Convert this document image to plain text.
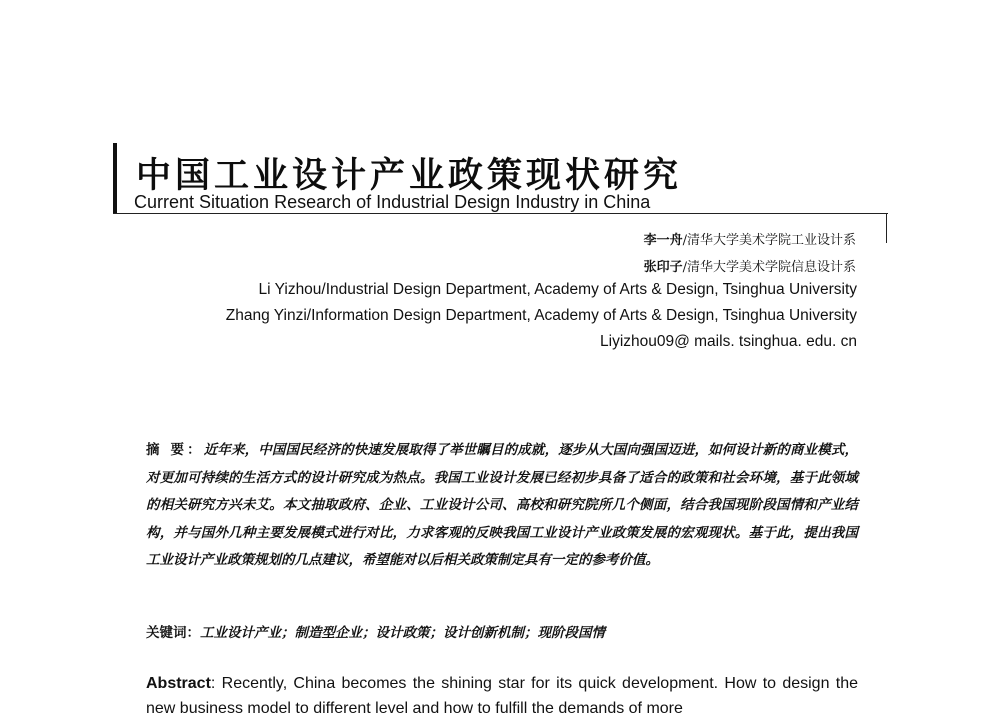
中国工业设计产业政策现状研究
Current Situation Research of Industrial Design Industry in China
李一舟/清华大学美术学院工业设计系
张印子/清华大学美术学院信息设计系
Li Yizhou/Industrial Design Department, Academy of Arts & Design, Tsinghua University
Zhang Yinzi/Information Design Department, Academy of Arts & Design, Tsinghua University
Liyizhou09@ mails. tsinghua. edu. cn
摘 要：近年来，中国国民经济的快速发展取得了举世瞩目的成就，逐步从大国向强国迈进，如何设计新的商业模式，对更加可持续的生活方式的设计研究成为热点。我国工业设计发展已经初步具备了适合的政策和社会环境，基于此领域的相关研究方兴未艾。本文抽取政府、企业、工业设计公司、高校和研究院所几个侧面，结合我国现阶段国情和产业结构，并与国外几种主要发展模式进行对比，力求客观的反映我国工业设计产业政策发展的宏观现状。基于此，提出我国工业设计产业政策规划的几点建议，希望能对以后相关政策制定具有一定的参考价值。
关键词：工业设计产业；制造型企业；设计政策；设计创新机制；现阶段国情
Abstract: Recently, China becomes the shining star for its quick development. How to design the new business model to different level and how to fulfill the demands of more
